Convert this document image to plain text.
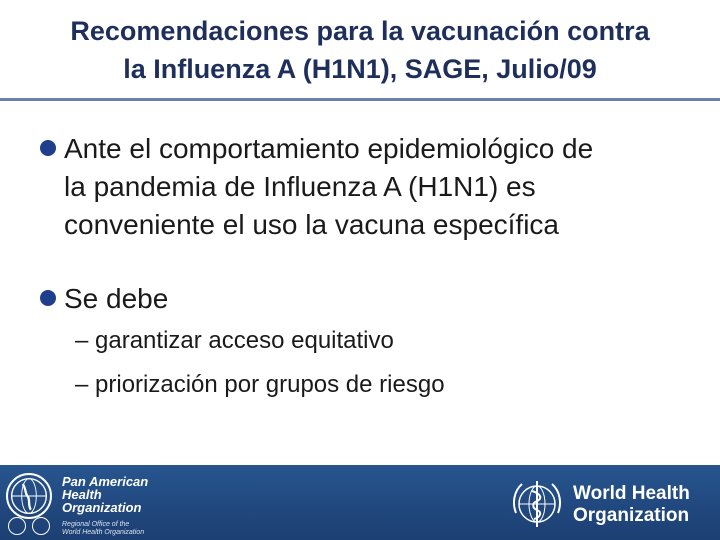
Recomendaciones para la vacunación contra
la Influenza A (H1N1), SAGE, Julio/09
Ante el comportamiento epidemiológico de
la pandemia de Influenza A (H1N1) es
conveniente el uso la vacuna específica
Se debe
– garantizar acceso equitativo
– priorización por grupos de riesgo
Pan American
Health
Organization
Regional Office of the
World Health Organization
World Health
Organization
